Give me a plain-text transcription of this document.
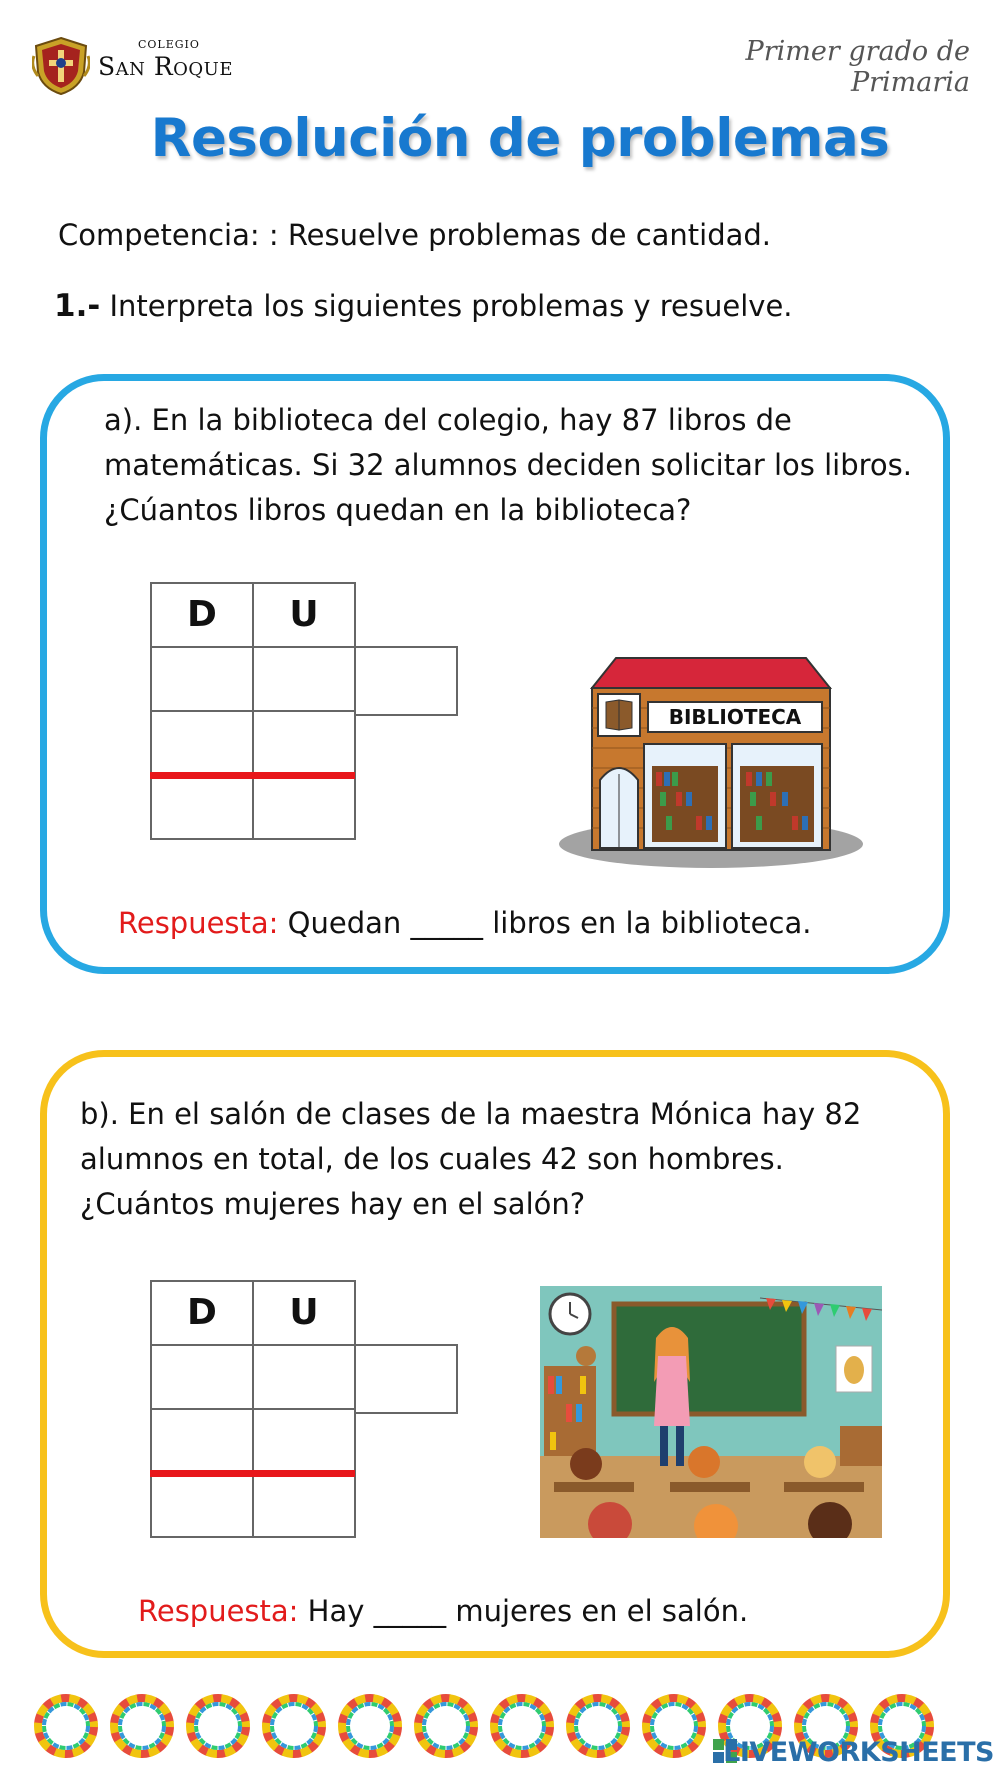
COLEGIO
San Roque	Primer grado de Primaria
Resolución de problemas
Competencia: : Resuelve problemas de cantidad.
1.- Interpreta los siguientes problemas y resuelve.
a). En la biblioteca del colegio, hay 87 libros de
matemáticas. Si 32 alumnos deciden solicitar los libros.
¿Cúantos libros quedan en la biblioteca?
D	U
BIBLIOTECA
Respuesta: Quedan _____ libros en la biblioteca.
b). En el salón de clases de la maestra Mónica hay 82
alumnos en total, de los cuales 42 son hombres.
¿Cuántos mujeres hay en el salón?
D	U
Respuesta: Hay _____ mujeres en el salón.
LIVEWORKSHEETS
